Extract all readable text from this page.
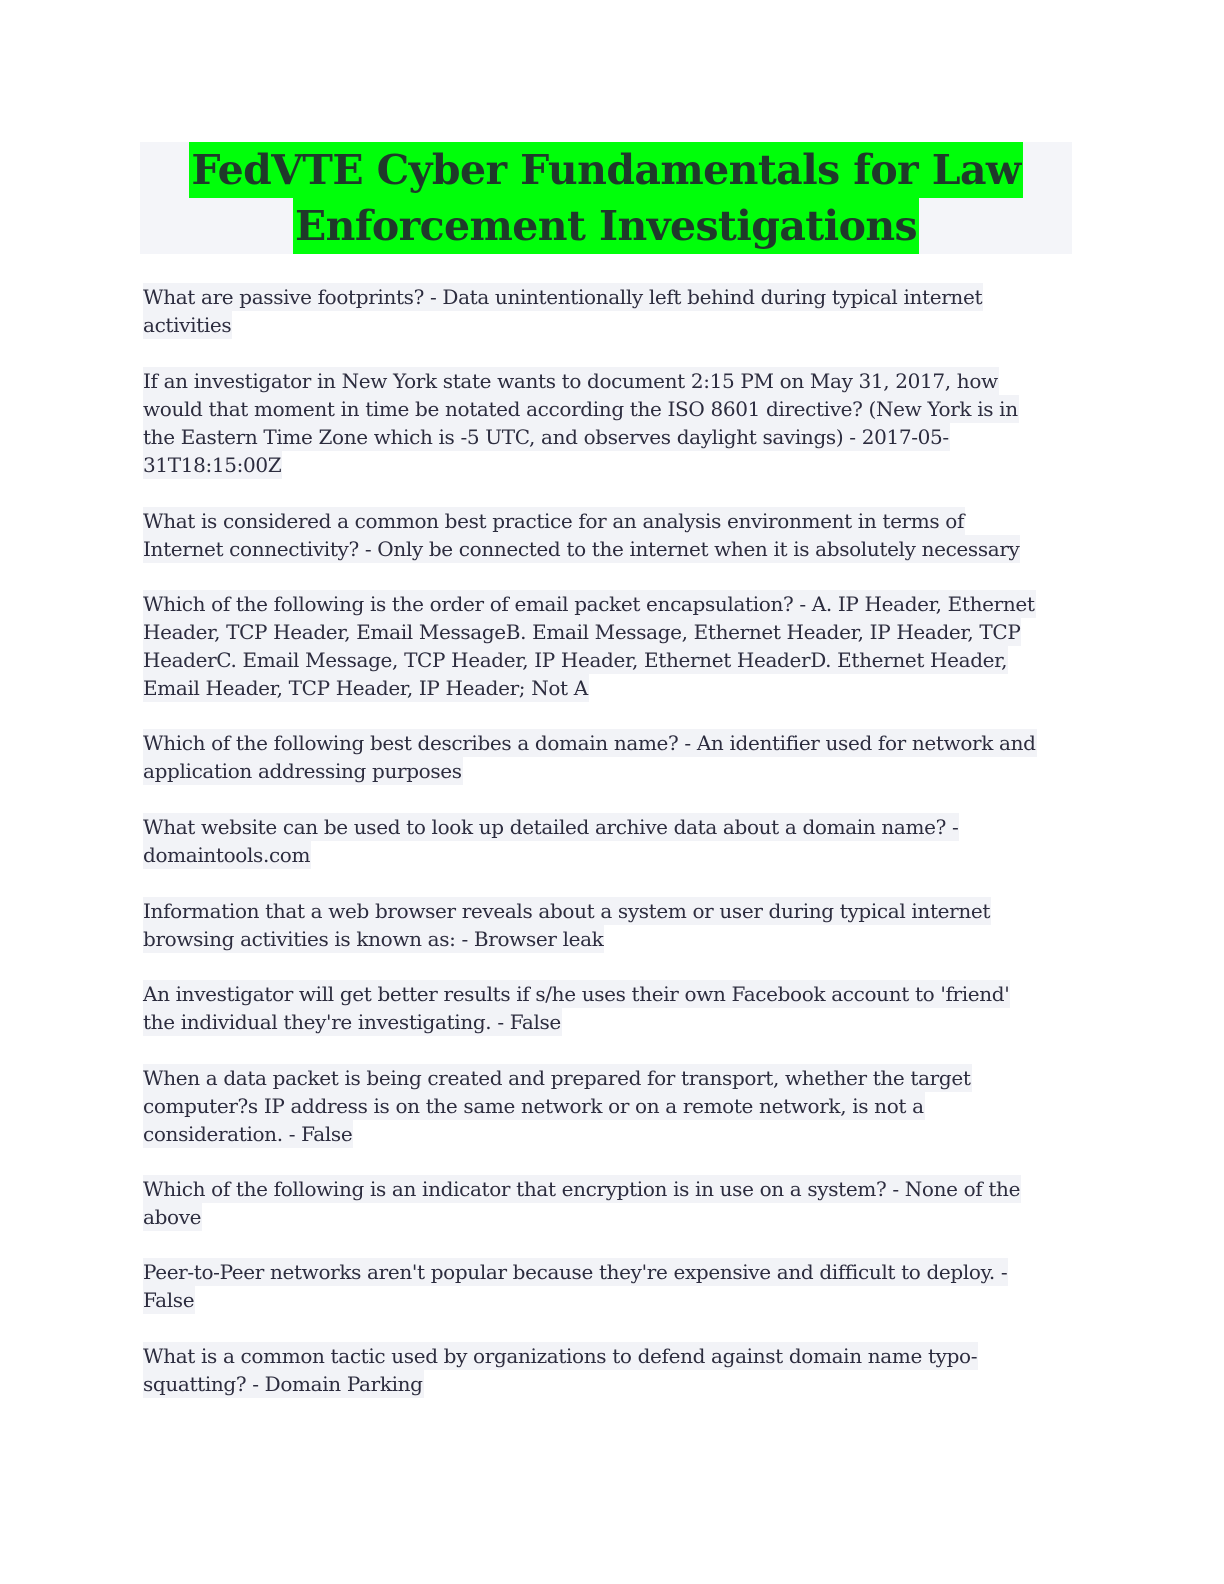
FedVTE Cyber Fundamentals for Law
Enforcement Investigations
What are passive footprints? - Data unintentionally left behind during typical internet
activities
If an investigator in New York state wants to document 2:15 PM on May 31, 2017, how
would that moment in time be notated according the ISO 8601 directive? (New York is in
the Eastern Time Zone which is -5 UTC, and observes daylight savings) - 2017-05-
31T18:15:00Z
What is considered a common best practice for an analysis environment in terms of
Internet connectivity? - Only be connected to the internet when it is absolutely necessary
Which of the following is the order of email packet encapsulation? - A. IP Header, Ethernet
Header, TCP Header, Email MessageB. Email Message, Ethernet Header, IP Header, TCP
HeaderC. Email Message, TCP Header, IP Header, Ethernet HeaderD. Ethernet Header,
Email Header, TCP Header, IP Header; Not A
Which of the following best describes a domain name? - An identifier used for network and
application addressing purposes
What website can be used to look up detailed archive data about a domain name? -
domaintools.com
Information that a web browser reveals about a system or user during typical internet
browsing activities is known as: - Browser leak
An investigator will get better results if s/he uses their own Facebook account to 'friend'
the individual they're investigating. - False
When a data packet is being created and prepared for transport, whether the target
computer?s IP address is on the same network or on a remote network, is not a
consideration. - False
Which of the following is an indicator that encryption is in use on a system? - None of the
above
Peer-to-Peer networks aren't popular because they're expensive and difficult to deploy. -
False
What is a common tactic used by organizations to defend against domain name typo-
squatting? - Domain Parking
